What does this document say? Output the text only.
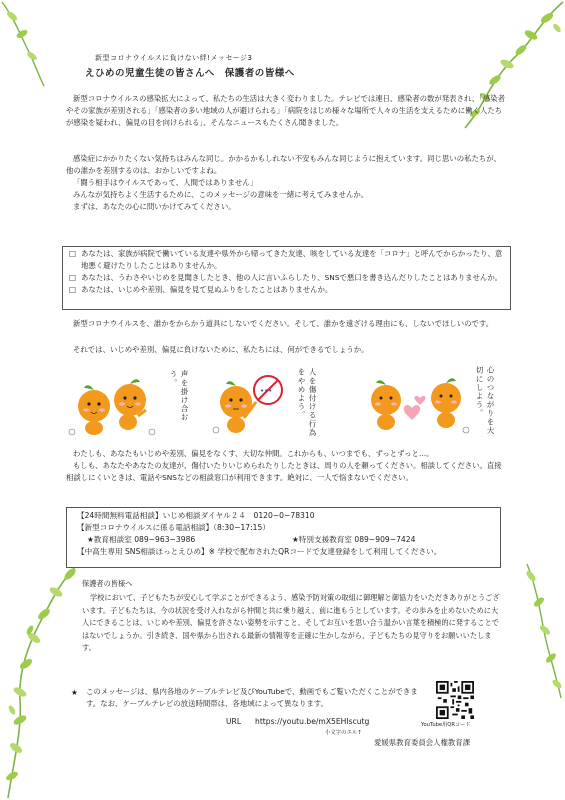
新型コロナウイルスに負けない絆!メッセージ3
えひめの児童生徒の皆さんへ　保護者の皆様へ
新型コロナウイルスの感染拡大によって、私たちの生活は大きく変わりました。テレビでは連日、感染者の数が発表され、「感染者やその家族が差別される」「感染者の多い地域の人が避けられる」「病院をはじめ様々な場所で人々の生活を支えるために働く人たちが感染を疑われ、偏見の目を向けられる」、そんなニュースもたくさん聞きました。
感染症にかかりたくない気持ちはみんな同じ。かかるかもしれない不安もみんな同じように抱えています。同じ思いの私たちが、他の誰かを差別するのは、おかしいですよね。
「闘う相手はウイルスであって、人間ではありません」
みんなが気持ちよく生活するために、このメッセージの意味を一緒に考えてみませんか。
まずは、あなたの心に問いかけてみてください。
□ あなたは、家族が病院で働いている友達や県外から帰ってきた友達、咳をしている友達を「コロナ」と呼んでからかったり、意地悪く避けたりしたことはありませんか。
□ あなたは、うわさやいじめを見聞きしたとき、他の人に言いふらしたり、SNSで悪口を書き込んだりしたことはありませんか。
□ あなたは、いじめや差別、偏見を見て見ぬふりをしたことはありませんか。
新型コロナウイルスを、誰かをからかう道具にしないでください。そして、誰かを遠ざける理由にも、しないでほしいのです。
それでは、いじめや差別、偏見に負けないために、私たちには、何ができるでしょうか。
声を掛け合おう。
•••	人を傷付ける行為をやめよう。	心のつながりを大切にしよう。
わたしも、あなたもいじめや差別、偏見をなくす、大切な仲間。これからも、いつまでも、ずっとずっと…。
もしも、あなたやあなたの友達が、傷付いたりいじめられたりしたときは、周りの人を頼ってください。相談してください。直接相談しにくいときは、電話やSNSなどの相談窓口が利用できます。絶対に、一人で悩まないでください。
【24時間無料電話相談】いじめ相談ダイヤル２４　0120−0−78310
【新型コロナウイルスに係る電話相談】（8:30−17:15）
★教育相談室 089−963−3986	★特別支援教育室 089−909−7424
【中高生専用 SNS相談ほっとえひめ】※ 学校で配布されたQRコードで友達登録をして利用してください。
保護者の皆様へ
学校において、子どもたちが安心して学ぶことができるよう、感染予防対策の取組に御理解と御協力をいただきありがとうございます。子どもたちは、今の状況を受け入れながら仲間と共に乗り越え、前に進もうとしています。その歩みを止めないために大人にできることは、いじめや差別、偏見を許さない姿勢を示すこと、そしてお互いを思い合う温かい言葉を積極的に発することではないでしょうか。引き続き、国や県から出される最新の情報等を正確に生かしながら、子どもたちの見守りをお願いいたします。
★ このメッセージは、県内各地のケーブルテレビ及びYouTubeで、動画でもご覧いただくことができます。なお、ケーブルテレビの放送時間帯は、各地域によって異なります。
URL https://youtu.be/mX5EHIscutg
小文字のエル↑
YouTube用QRコード
愛媛県教育委員会人権教育課
